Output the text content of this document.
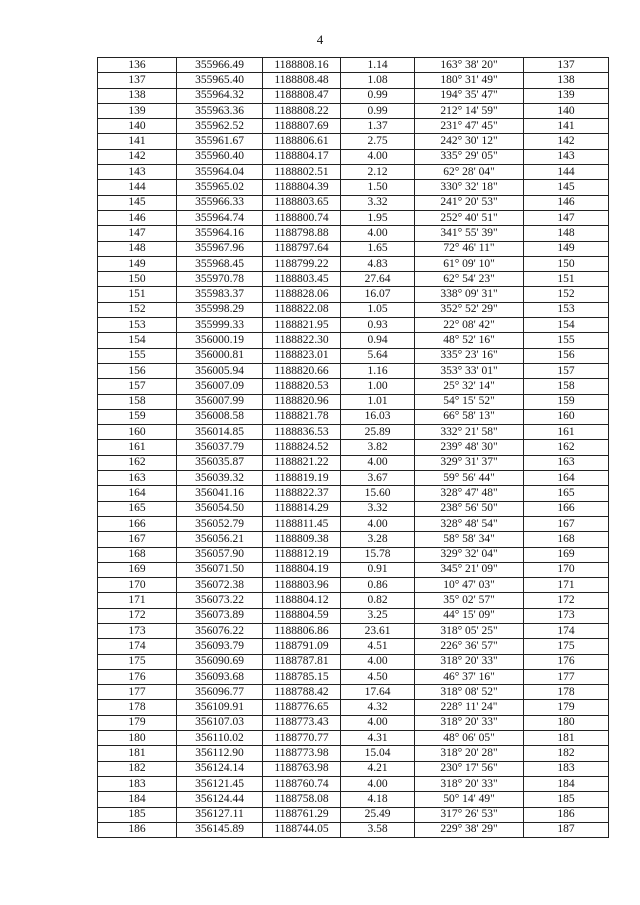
4
136	355966.49	1188808.16	1.14	163° 38' 20"	137
137	355965.40	1188808.48	1.08	180° 31' 49"	138
138	355964.32	1188808.47	0.99	194° 35' 47"	139
139	355963.36	1188808.22	0.99	212° 14' 59"	140
140	355962.52	1188807.69	1.37	231° 47' 45"	141
141	355961.67	1188806.61	2.75	242° 30' 12"	142
142	355960.40	1188804.17	4.00	335° 29' 05"	143
143	355964.04	1188802.51	2.12	62° 28' 04"	144
144	355965.02	1188804.39	1.50	330° 32' 18"	145
145	355966.33	1188803.65	3.32	241° 20' 53"	146
146	355964.74	1188800.74	1.95	252° 40' 51"	147
147	355964.16	1188798.88	4.00	341° 55' 39"	148
148	355967.96	1188797.64	1.65	72° 46' 11"	149
149	355968.45	1188799.22	4.83	61° 09' 10"	150
150	355970.78	1188803.45	27.64	62° 54' 23"	151
151	355983.37	1188828.06	16.07	338° 09' 31"	152
152	355998.29	1188822.08	1.05	352° 52' 29"	153
153	355999.33	1188821.95	0.93	22° 08' 42"	154
154	356000.19	1188822.30	0.94	48° 52' 16"	155
155	356000.81	1188823.01	5.64	335° 23' 16"	156
156	356005.94	1188820.66	1.16	353° 33' 01"	157
157	356007.09	1188820.53	1.00	25° 32' 14"	158
158	356007.99	1188820.96	1.01	54° 15' 52"	159
159	356008.58	1188821.78	16.03	66° 58' 13"	160
160	356014.85	1188836.53	25.89	332° 21' 58"	161
161	356037.79	1188824.52	3.82	239° 48' 30"	162
162	356035.87	1188821.22	4.00	329° 31' 37"	163
163	356039.32	1188819.19	3.67	59° 56' 44"	164
164	356041.16	1188822.37	15.60	328° 47' 48"	165
165	356054.50	1188814.29	3.32	238° 56' 50"	166
166	356052.79	1188811.45	4.00	328° 48' 54"	167
167	356056.21	1188809.38	3.28	58° 58' 34"	168
168	356057.90	1188812.19	15.78	329° 32' 04"	169
169	356071.50	1188804.19	0.91	345° 21' 09"	170
170	356072.38	1188803.96	0.86	10° 47' 03"	171
171	356073.22	1188804.12	0.82	35° 02' 57"	172
172	356073.89	1188804.59	3.25	44° 15' 09"	173
173	356076.22	1188806.86	23.61	318° 05' 25"	174
174	356093.79	1188791.09	4.51	226° 36' 57"	175
175	356090.69	1188787.81	4.00	318° 20' 33"	176
176	356093.68	1188785.15	4.50	46° 37' 16"	177
177	356096.77	1188788.42	17.64	318° 08' 52"	178
178	356109.91	1188776.65	4.32	228° 11' 24"	179
179	356107.03	1188773.43	4.00	318° 20' 33"	180
180	356110.02	1188770.77	4.31	48° 06' 05"	181
181	356112.90	1188773.98	15.04	318° 20' 28"	182
182	356124.14	1188763.98	4.21	230° 17' 56"	183
183	356121.45	1188760.74	4.00	318° 20' 33"	184
184	356124.44	1188758.08	4.18	50° 14' 49"	185
185	356127.11	1188761.29	25.49	317° 26' 53"	186
186	356145.89	1188744.05	3.58	229° 38' 29"	187
